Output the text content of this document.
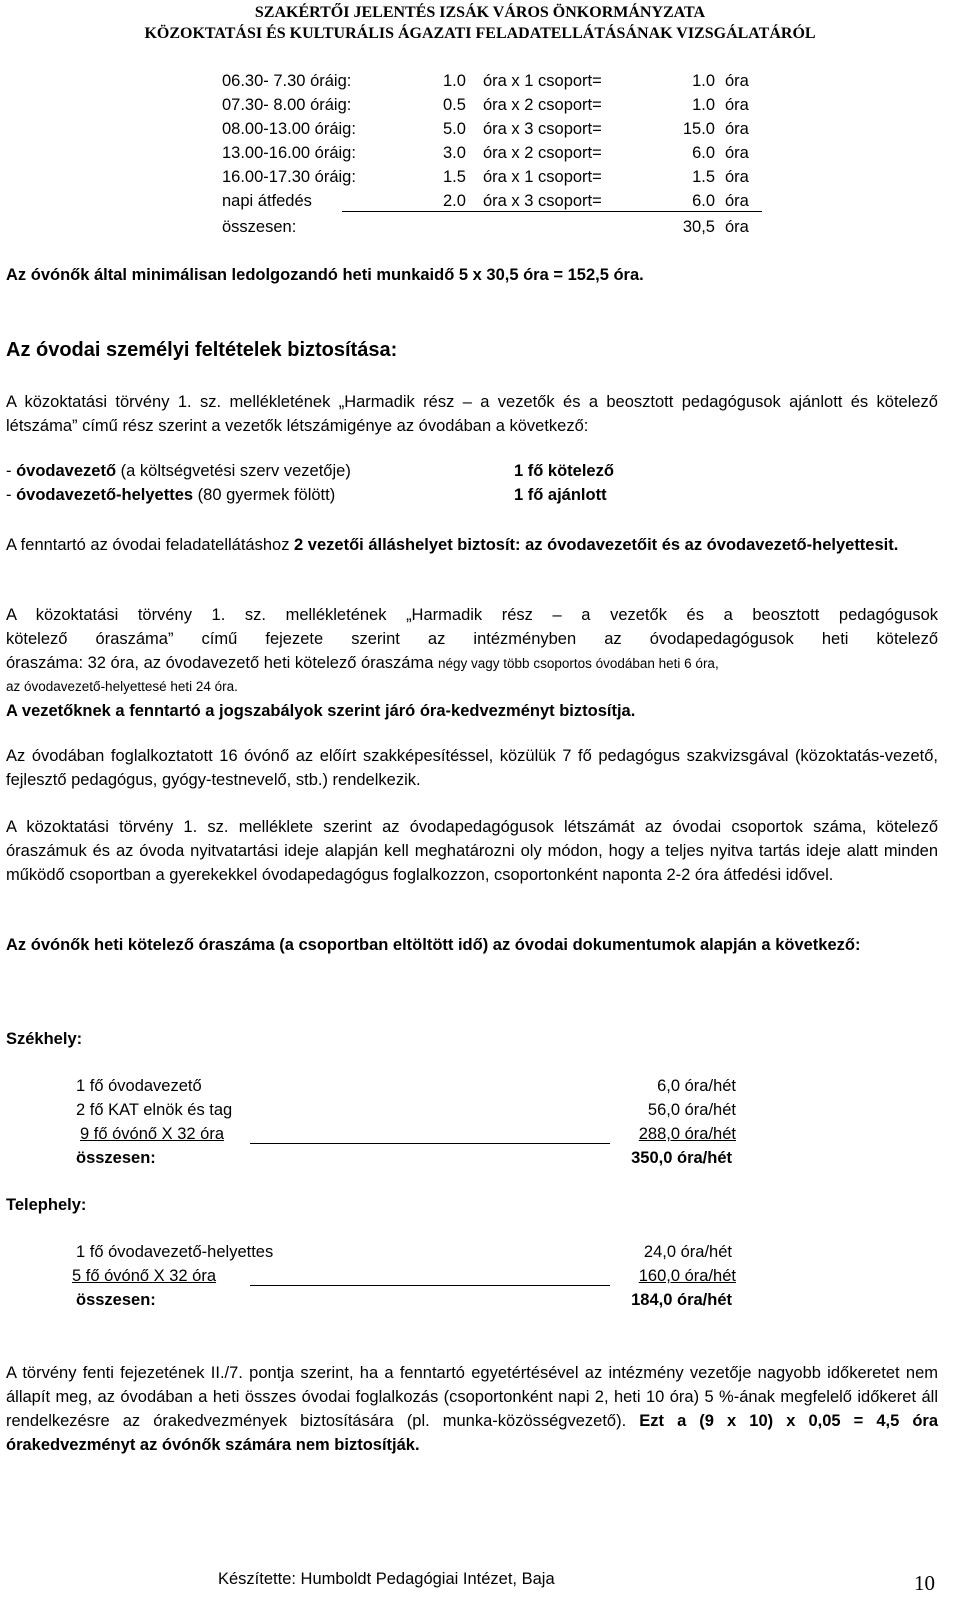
SZAKÉRTŐI JELENTÉS IZSÁK VÁROS ÖNKORMÁNYZATA
KÖZOKTATÁSI ÉS KULTURÁLIS ÁGAZATI FELADATELLÁTÁSÁNAK VIZSGÁLATÁRÓL
06.30- 7.30 óráig:	1.0 óra x 1 csoport=	1.0 óra
07.30- 8.00 óráig:	0.5 óra x 2 csoport=	1.0 óra
08.00-13.00 óráig:	5.0 óra x 3 csoport=	15.0 óra
13.00-16.00 óráig:	3.0 óra x 2 csoport=	6.0 óra
16.00-17.30 óráig:	1.5 óra x 1 csoport=	1.5 óra
napi átfedés	2.0 óra x 3 csoport=	6.0 óra
összesen:	30,5 óra
Az óvónők által minimálisan ledolgozandó heti munkaidő 5 x 30,5 óra = 152,5 óra.
Az óvodai személyi feltételek biztosítása:
A közoktatási törvény 1. sz. mellékletének „Harmadik rész – a vezetők és a beosztott pedagógusok ajánlott és kötelező létszáma” című rész szerint a vezetők létszámigénye az óvodában a következő:
- óvodavezető (a költségvetési szerv vezetője)	1 fő kötelező
- óvodavezető-helyettes (80 gyermek fölött)	1 fő ajánlott
A fenntartó az óvodai feladatellátáshoz 2 vezetői álláshelyet biztosít: az óvodavezetőit és az óvodavezető-helyettesit.
A közoktatási törvény 1. sz. mellékletének „Harmadik rész – a vezetők és a beosztott pedagógusok
kötelező óraszáma” című fejezete szerint az intézményben az óvodapedagógusok heti kötelező
óraszáma: 32 óra, az óvodavezető heti kötelező óraszáma négy vagy több csoportos óvodában heti 6 óra,
az óvodavezető-helyettesé heti 24 óra.
A vezetőknek a fenntartó a jogszabályok szerint járó óra-kedvezményt biztosítja.
Az óvodában foglalkoztatott 16 óvónő az előírt szakképesítéssel, közülük 7 fő pedagógus szakvizsgával (közoktatás-vezető, fejlesztő pedagógus, gyógy-testnevelő, stb.) rendelkezik.
A közoktatási törvény 1. sz. melléklete szerint az óvodapedagógusok létszámát az óvodai csoportok száma, kötelező óraszámuk és az óvoda nyitvatartási ideje alapján kell meghatározni oly módon, hogy a teljes nyitva tartás ideje alatt minden működő csoportban a gyerekekkel óvodapedagógus foglalkozzon, csoportonként naponta 2-2 óra átfedési idővel.
Az óvónők heti kötelező óraszáma (a csoportban eltöltött idő) az óvodai dokumentumok alapján a következő:
Székhely:
1 fő óvodavezető	6,0 óra/hét
2 fő KAT elnök és tag	56,0 óra/hét
9 fő óvónő X 32 óra	288,0 óra/hét
összesen:	350,0 óra/hét
Telephely:
1 fő óvodavezető-helyettes	24,0 óra/hét
5 fő óvónő X 32 óra	160,0 óra/hét
összesen:	184,0 óra/hét
A törvény fenti fejezetének II./7. pontja szerint, ha a fenntartó egyetértésével az intézmény vezetője nagyobb időkeretet nem állapít meg, az óvodában a heti összes óvodai foglalkozás (csoportonként napi 2, heti 10 óra) 5 %-ának megfelelő időkeret áll rendelkezésre az órakedvezmények biztosítására (pl. munka-közösségvezető). Ezt a (9 x 10) x 0,05 = 4,5 óra órakedvezményt az óvónők számára nem biztosítják.
Készítette: Humboldt Pedagógiai Intézet, Baja	10
